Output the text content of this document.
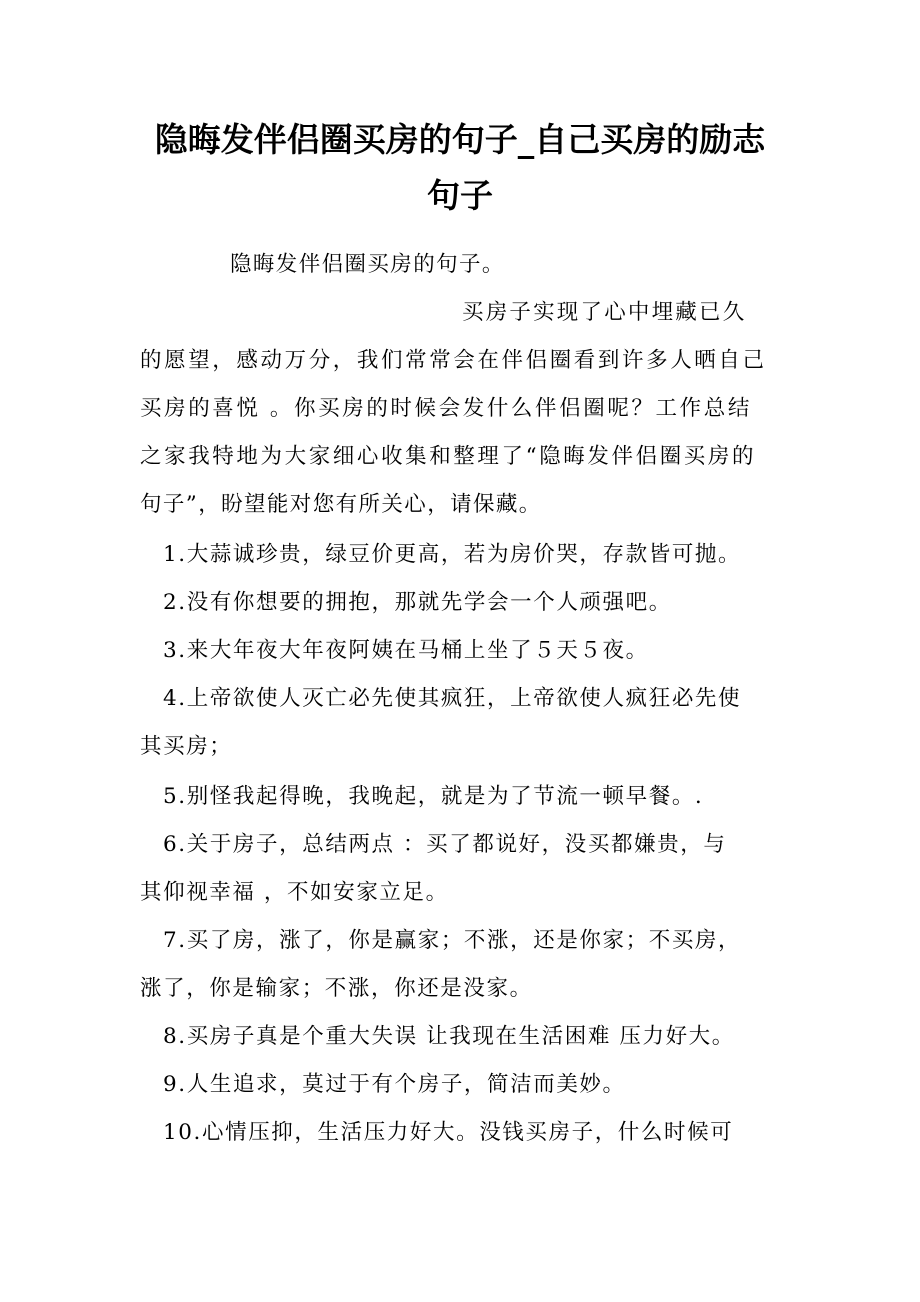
隐晦发伴侣圈买房的句子_自己买房的励志
句子
隐晦发伴侣圈买房的句子。
买房子实现了心中埋藏已久
的愿望，感动万分，我们常常会在伴侣圈看到许多人晒自己
买房的喜悦 。你买房的时候会发什么伴侣圈呢？工作总结
之家我特地为大家细心收集和整理了“隐晦发伴侣圈买房的
句子”，盼望能对您有所关心，请保藏。
1.大蒜诚珍贵，绿豆价更高，若为房价哭，存款皆可抛。
2.没有你想要的拥抱，那就先学会一个人顽强吧。
3.来大年夜大年夜阿姨在马桶上坐了５天５夜。
4.上帝欲使人灭亡必先使其疯狂，上帝欲使人疯狂必先使
其买房；
5.别怪我起得晚，我晚起，就是为了节流一顿早餐。.
6.关于房子，总结两点 ：买了都说好，没买都嫌贵，与
其仰视幸福 ，不如安家立足。
7.买了房，涨了，你是赢家；不涨，还是你家；不买房，
涨了，你是输家；不涨，你还是没家。
8.买房子真是个重大失误 让我现在生活困难 压力好大。
9.人生追求，莫过于有个房子，简洁而美妙。
10.心情压抑，生活压力好大。没钱买房子，什么时候可
